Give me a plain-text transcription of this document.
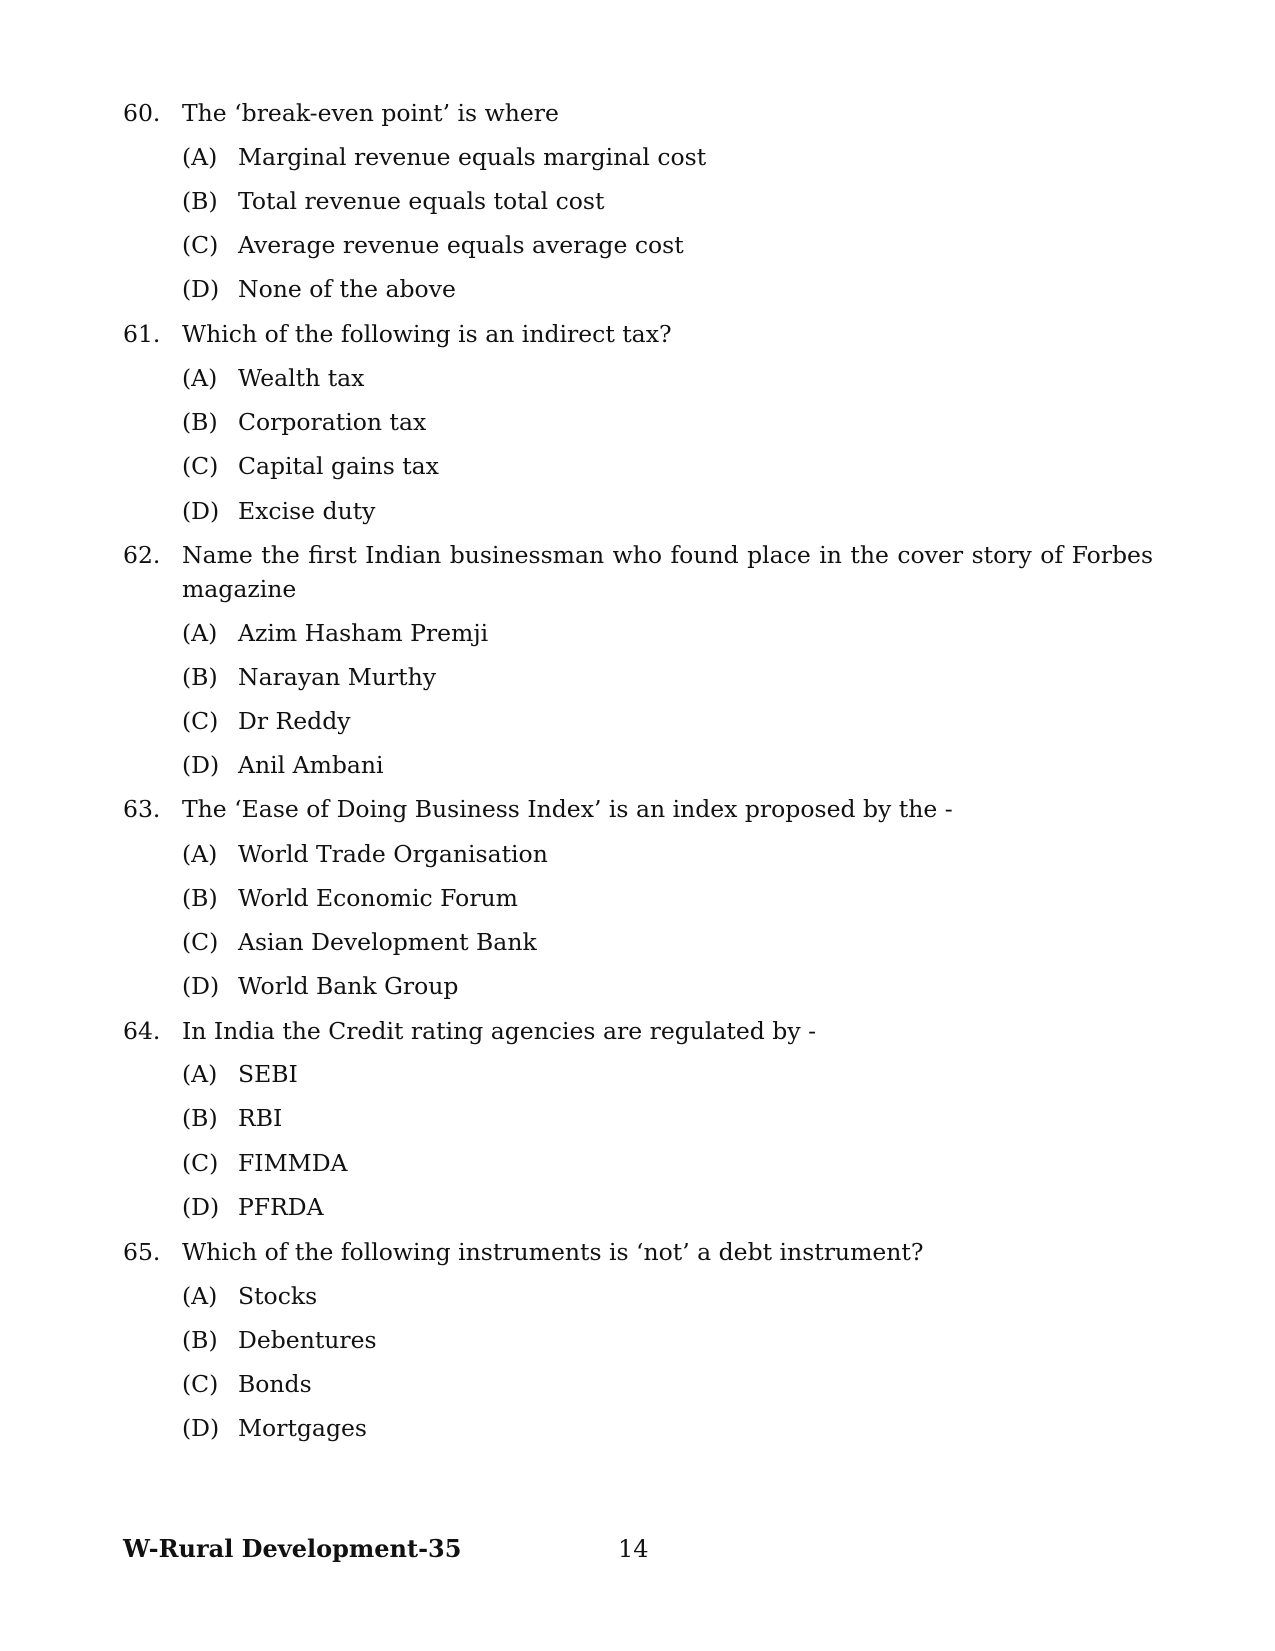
60. The ‘break-even point’ is where
(A) Marginal revenue equals marginal cost
(B) Total revenue equals total cost
(C) Average revenue equals average cost
(D) None of the above
61. Which of the following is an indirect tax?
(A) Wealth tax
(B) Corporation tax
(C) Capital gains tax
(D) Excise duty
62. Name the first Indian businessman who found place in the cover story of Forbes magazine
(A) Azim Hasham Premji
(B) Narayan Murthy
(C) Dr Reddy
(D) Anil Ambani
63. The ‘Ease of Doing Business Index’ is an index proposed by the -
(A) World Trade Organisation
(B) World Economic Forum
(C) Asian Development Bank
(D) World Bank Group
64. In India the Credit rating agencies are regulated by -
(A) SEBI
(B) RBI
(C) FIMMDA
(D) PFRDA
65. Which of the following instruments is ‘not’ a debt instrument?
(A) Stocks
(B) Debentures
(C) Bonds
(D) Mortgages
W-Rural Development-35	14
